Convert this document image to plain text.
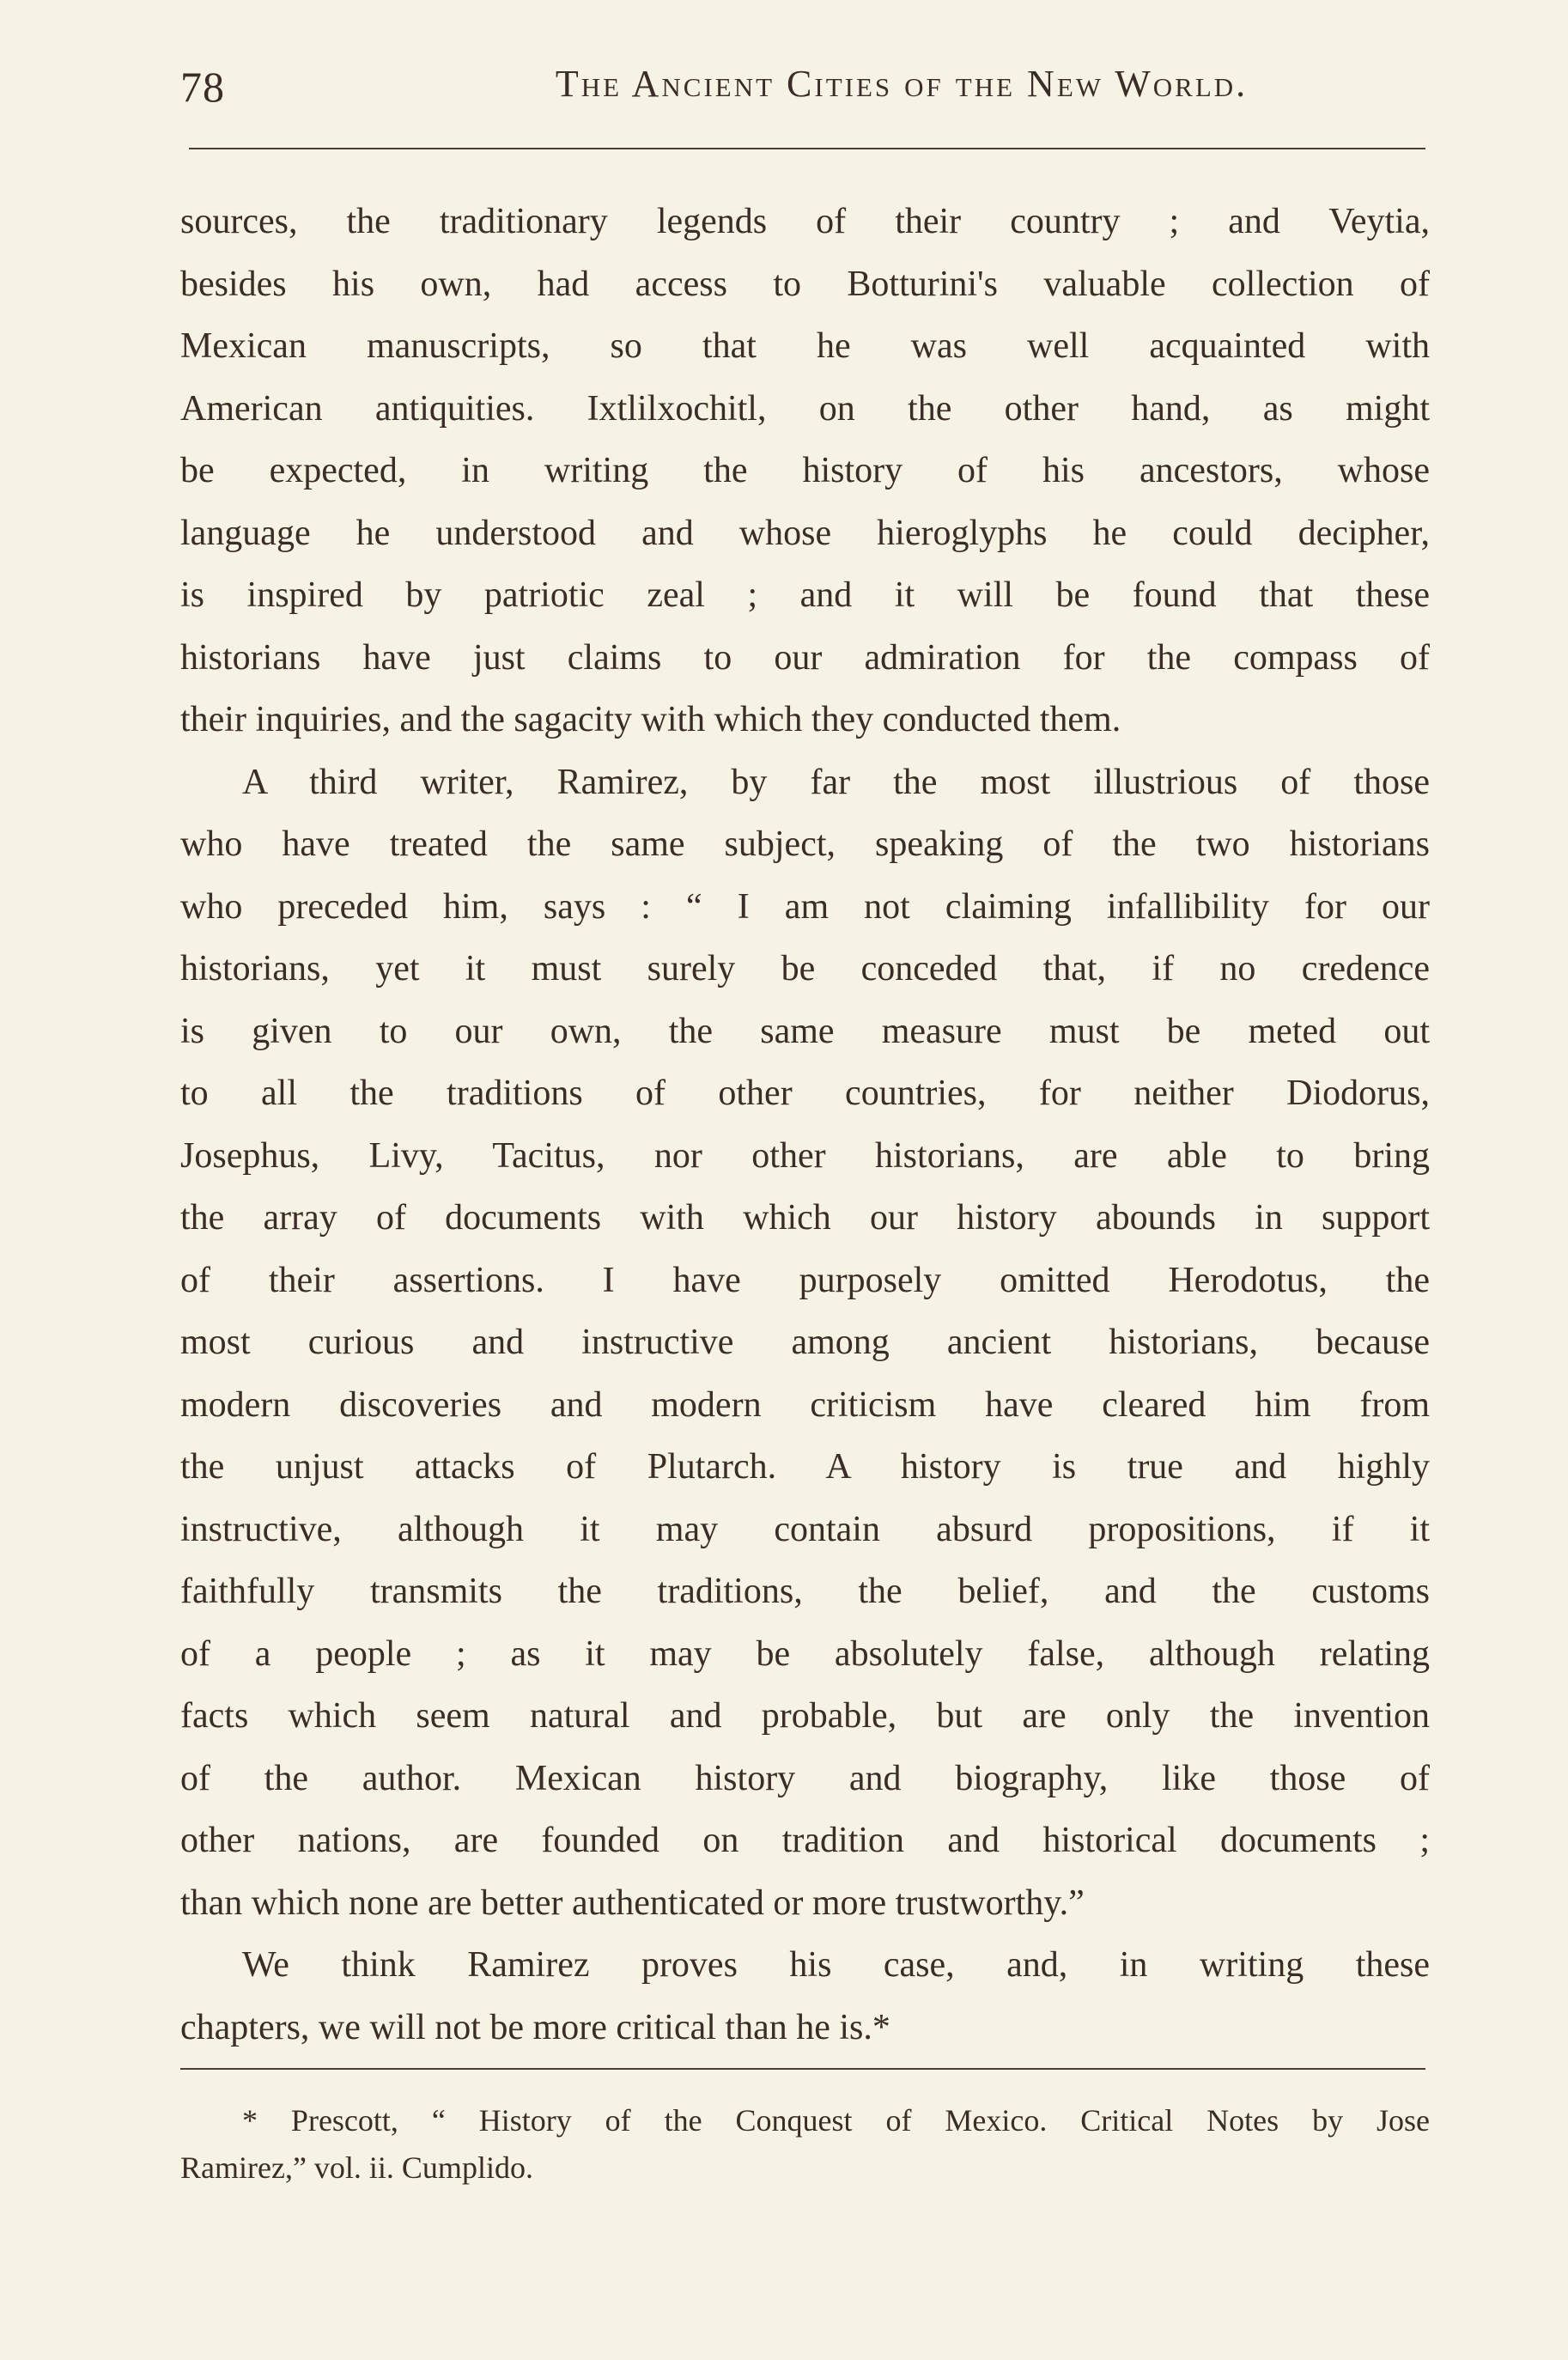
78	The Ancient Cities of the New World.
sources, the traditionary legends of their country ; and Veytia,
besides his own, had access to Botturini's valuable collection of
Mexican manuscripts, so that he was well acquainted with
American antiquities. Ixtlilxochitl, on the other hand, as might
be expected, in writing the history of his ancestors, whose
language he understood and whose hieroglyphs he could decipher,
is inspired by patriotic zeal ; and it will be found that these
historians have just claims to our admiration for the compass of
their inquiries, and the sagacity with which they conducted them.
A third writer, Ramirez, by far the most illustrious of those
who have treated the same subject, speaking of the two historians
who preceded him, says : “ I am not claiming infallibility for our
historians, yet it must surely be conceded that, if no credence
is given to our own, the same measure must be meted out
to all the traditions of other countries, for neither Diodorus,
Josephus, Livy, Tacitus, nor other historians, are able to bring
the array of documents with which our history abounds in support
of their assertions. I have purposely omitted Herodotus, the
most curious and instructive among ancient historians, because
modern discoveries and modern criticism have cleared him from
the unjust attacks of Plutarch. A history is true and highly
instructive, although it may contain absurd propositions, if it
faithfully transmits the traditions, the belief, and the customs
of a people ; as it may be absolutely false, although relating
facts which seem natural and probable, but are only the invention
of the author. Mexican history and biography, like those of
other nations, are founded on tradition and historical documents ;
than which none are better authenticated or more trustworthy.”
We think Ramirez proves his case, and, in writing these
chapters, we will not be more critical than he is.*
* Prescott, “ History of the Conquest of Mexico. Critical Notes by Jose
Ramirez,” vol. ii. Cumplido.
